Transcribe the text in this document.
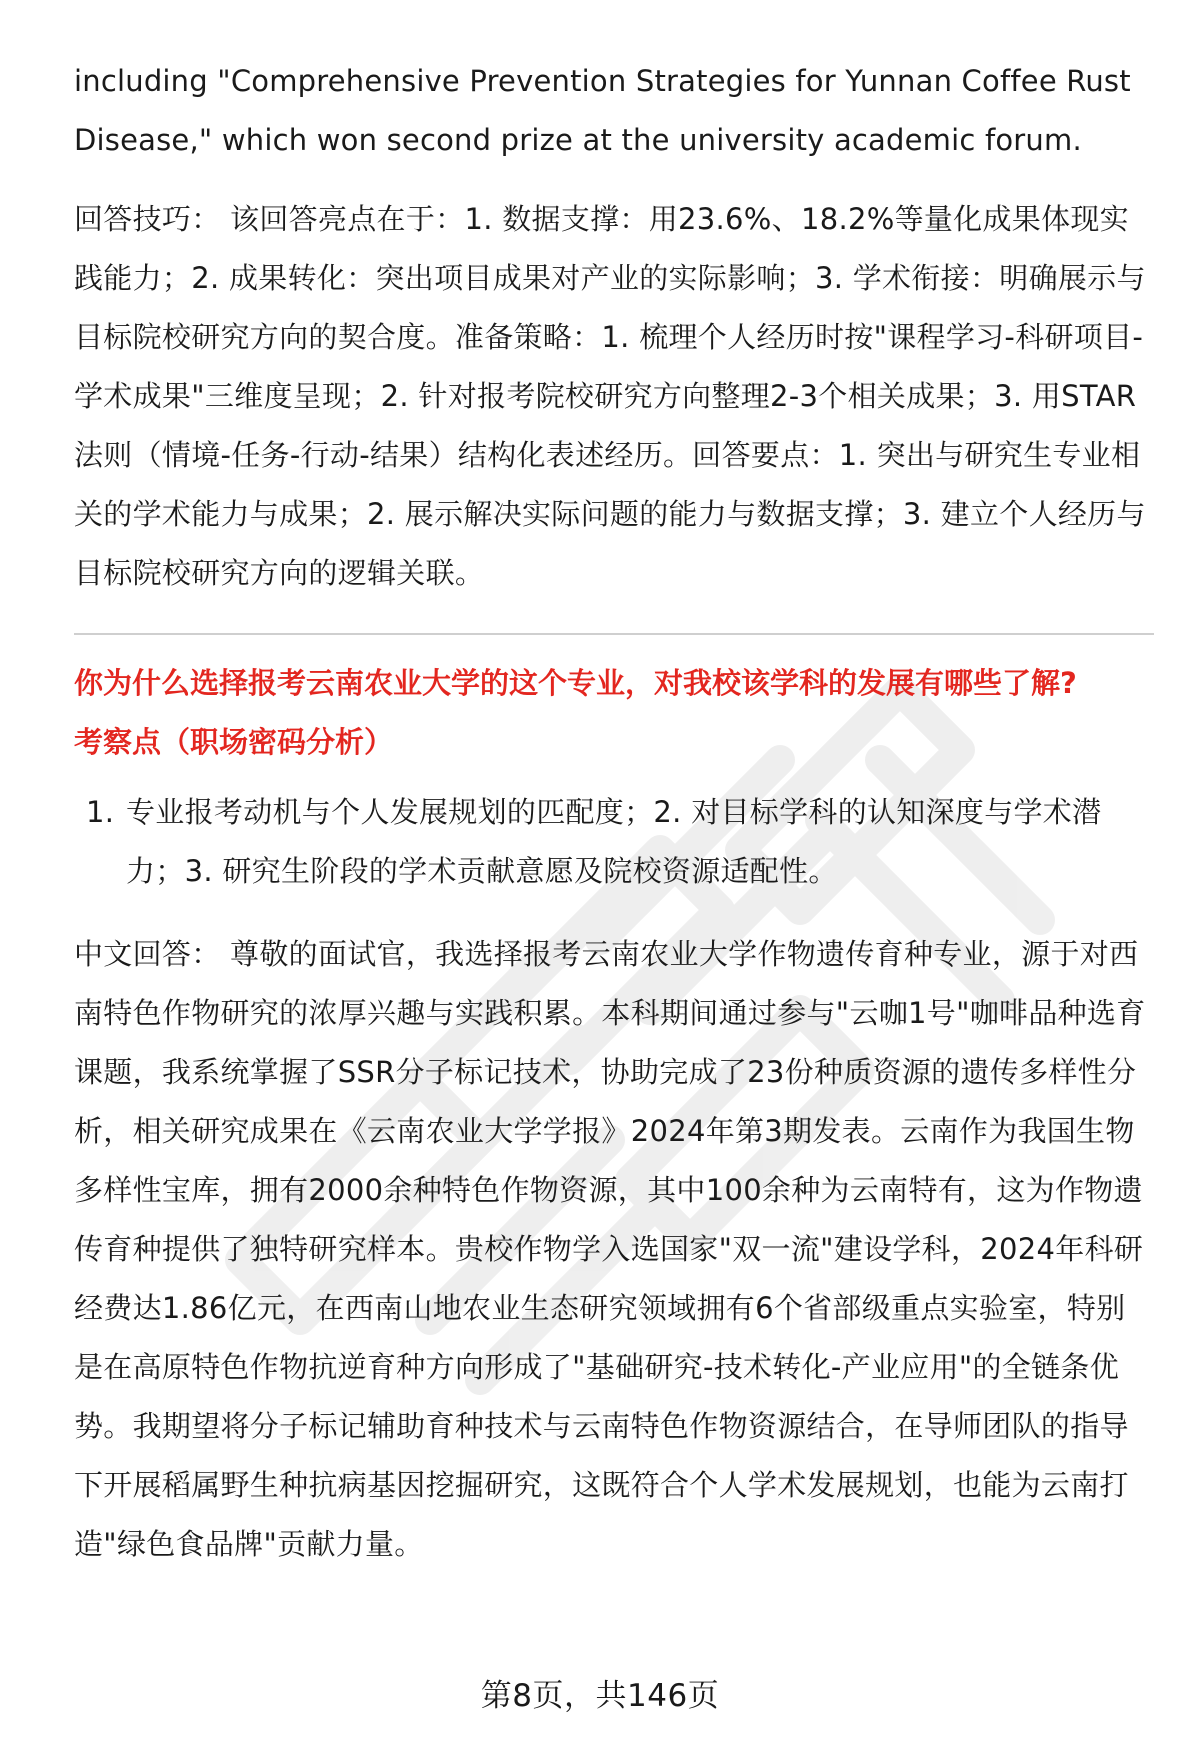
including "Comprehensive Prevention Strategies for Yunnan Coffee Rust Disease," which won second prize at the university academic forum.

回答技巧： 该回答亮点在于：1. 数据支撑：用23.6%、18.2%等量化成果体现实践能力；2. 成果转化：突出项目成果对产业的实际影响；3. 学术衔接：明确展示与目标院校研究方向的契合度。准备策略：1. 梳理个人经历时按"课程学习-科研项目-学术成果"三维度呈现；2. 针对报考院校研究方向整理2-3个相关成果；3. 用STAR法则（情境-任务-行动-结果）结构化表述经历。回答要点：1. 突出与研究生专业相关的学术能力与成果；2. 展示解决实际问题的能力与数据支撑；3. 建立个人经历与目标院校研究方向的逻辑关联。

你为什么选择报考云南农业大学的这个专业，对我校该学科的发展有哪些了解?

考察点（职场密码分析）

1. 专业报考动机与个人发展规划的匹配度；2. 对目标学科的认知深度与学术潜力；3. 研究生阶段的学术贡献意愿及院校资源适配性。

中文回答： 尊敬的面试官，我选择报考云南农业大学作物遗传育种专业，源于对西南特色作物研究的浓厚兴趣与实践积累。本科期间通过参与"云咖1号"咖啡品种选育课题，我系统掌握了SSR分子标记技术，协助完成了23份种质资源的遗传多样性分析，相关研究成果在《云南农业大学学报》2024年第3期发表。云南作为我国生物多样性宝库，拥有2000余种特色作物资源，其中100余种为云南特有，这为作物遗传育种提供了独特研究样本。贵校作物学入选国家"双一流"建设学科，2024年科研经费达1.86亿元，在西南山地农业生态研究领域拥有6个省部级重点实验室，特别是在高原特色作物抗逆育种方向形成了"基础研究-技术转化-产业应用"的全链条优势。我期望将分子标记辅助育种技术与云南特色作物资源结合，在导师团队的指导下开展稻属野生种抗病基因挖掘研究，这既符合个人学术发展规划，也能为云南打造"绿色食品牌"贡献力量。

第8页，共146页
